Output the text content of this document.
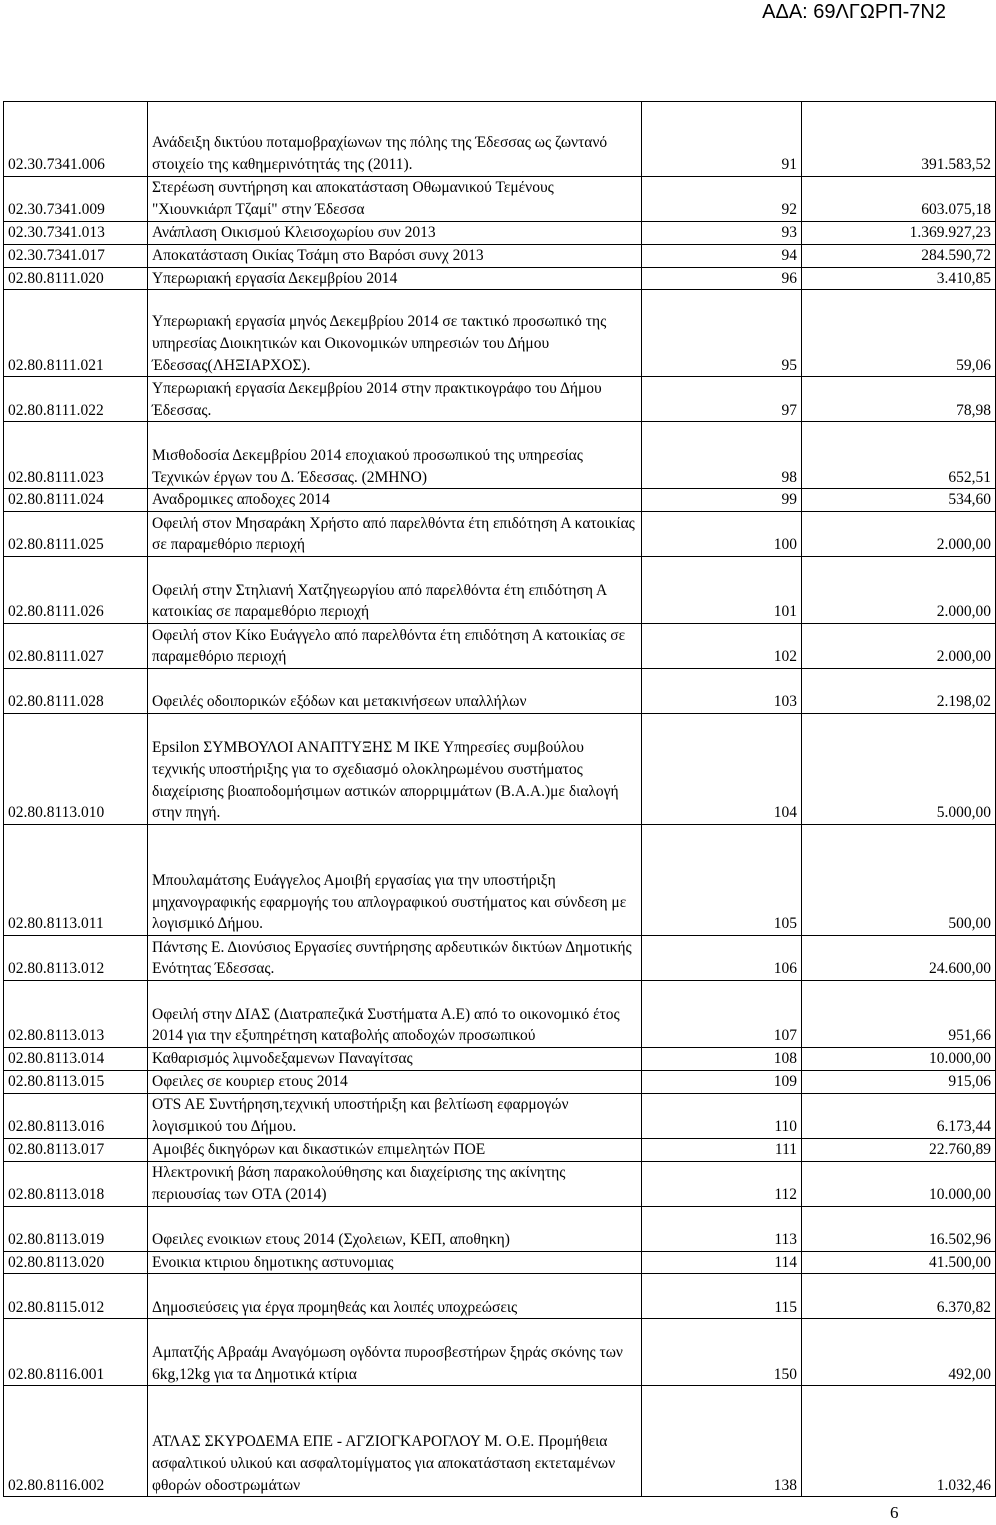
ΑΔΑ: 69ΛΓΩΡΠ-7Ν2
02.30.7341.006	Ανάδειξη δικτύου ποταμοβραχίωνων της πόλης της Έδεσσας ως ζωντανό στοιχείο της καθημερινότητάς της (2011).	91	391.583,52
02.30.7341.009	Στερέωση συντήρηση και αποκατάσταση Οθωμανικού Τεμένους "Χιουνκιάρπ Τζαμί" στην Έδεσσα	92	603.075,18
02.30.7341.013	Ανάπλαση Οικισμού Κλεισοχωρίου συν 2013	93	1.369.927,23
02.30.7341.017	Αποκατάσταση Οικίας Τσάμη στο Βαρόσι συνχ 2013	94	284.590,72
02.80.8111.020	Υπερωριακή εργασία Δεκεμβρίου 2014	96	3.410,85
02.80.8111.021	Υπερωριακή εργασία μηνός Δεκεμβρίου 2014 σε τακτικό προσωπικό της υπηρεσίας Διοικητικών και Οικονομικών υπηρεσιών του Δήμου Έδεσσας(ΛΗΞΙΑΡΧΟΣ).	95	59,06
02.80.8111.022	Υπερωριακή εργασία Δεκεμβρίου 2014 στην πρακτικογράφο του Δήμου Έδεσσας.	97	78,98
02.80.8111.023	Μισθοδοσία Δεκεμβρίου 2014 εποχιακού προσωπικού της υπηρεσίας Τεχνικών έργων του Δ. Έδεσσας. (2ΜΗΝΟ)	98	652,51
02.80.8111.024	Αναδρομικες αποδοχες 2014	99	534,60
02.80.8111.025	Οφειλή στον Μησαράκη Χρήστο από παρελθόντα έτη επιδότηση Α κατοικίας σε παραμεθόριο περιοχή	100	2.000,00
02.80.8111.026	Οφειλή στην Στηλιανή Χατζηγεωργίου από παρελθόντα έτη επιδότηση Α κατοικίας σε παραμεθόριο περιοχή	101	2.000,00
02.80.8111.027	Οφειλή στον Κίκο Ευάγγελο από παρελθόντα έτη επιδότηση Α κατοικίας σε παραμεθόριο περιοχή	102	2.000,00
02.80.8111.028	Οφειλές οδοιπορικών εξόδων και μετακινήσεων υπαλλήλων	103	2.198,02
02.80.8113.010	Epsilon ΣΥΜΒΟΥΛΟΙ ΑΝΑΠΤΥΞΗΣ Μ ΙΚΕ Υπηρεσίες συμβούλου τεχνικής υποστήριξης για το σχεδιασμό ολοκληρωμένου συστήματος διαχείρισης βιοαποδομήσιμων αστικών απορριμμάτων (Β.Α.Α.)με διαλογή στην πηγή.	104	5.000,00
02.80.8113.011	Μπουλαμάτσης Ευάγγελος Αμοιβή εργασίας για την υποστήριξη μηχανογραφικής εφαρμογής του απλογραφικού συστήματος και σύνδεση με λογισμικό Δήμου.	105	500,00
02.80.8113.012	Πάντσης Ε. Διονύσιος Εργασίες συντήρησης αρδευτικών δικτύων Δημοτικής Ενότητας Έδεσσας.	106	24.600,00
02.80.8113.013	Οφειλή στην ΔΙΑΣ (Διατραπεζικά Συστήματα Α.Ε) από το οικονομικό έτος 2014 για την εξυπηρέτηση καταβολής αποδοχών προσωπικού	107	951,66
02.80.8113.014	Καθαρισμός λιμνοδεξαμενων Παναγίτσας	108	10.000,00
02.80.8113.015	Οφειλες σε κουριερ ετους 2014	109	915,06
02.80.8113.016	OTS AE Συντήρηση,τεχνική υποστήριξη και βελτίωση εφαρμογών λογισμικού του Δήμου.	110	6.173,44
02.80.8113.017	Αμοιβές δικηγόρων και δικαστικών επιμελητών ΠΟΕ	111	22.760,89
02.80.8113.018	Ηλεκτρονική βάση παρακολούθησης και διαχείρισης της ακίνητης περιουσίας των ΟΤΑ (2014)	112	10.000,00
02.80.8113.019	Οφειλες ενοικιων ετους 2014 (Σχολειων, ΚΕΠ, αποθηκη)	113	16.502,96
02.80.8113.020	Ενοικια κτιριου δημοτικης αστυνομιας	114	41.500,00
02.80.8115.012	Δημοσιεύσεις για έργα προμηθεάς και λοιπές υποχρεώσεις	115	6.370,82
02.80.8116.001	Αμπατζής Αβραάμ Αναγόμωση ογδόντα πυροσβεστήρων ξηράς σκόνης των 6kg,12kg για τα Δημοτικά κτίρια	150	492,00
02.80.8116.002	ΑΤΛΑΣ ΣΚΥΡΟΔΕΜΑ ΕΠΕ - ΑΓΖΙΟΓΚΑΡΟΓΛΟΥ Μ. Ο.Ε. Προμήθεια ασφαλτικού υλικού και ασφαλτομίγματος για αποκατάσταση εκτεταμένων φθορών οδοστρωμάτων	138	1.032,46
6
